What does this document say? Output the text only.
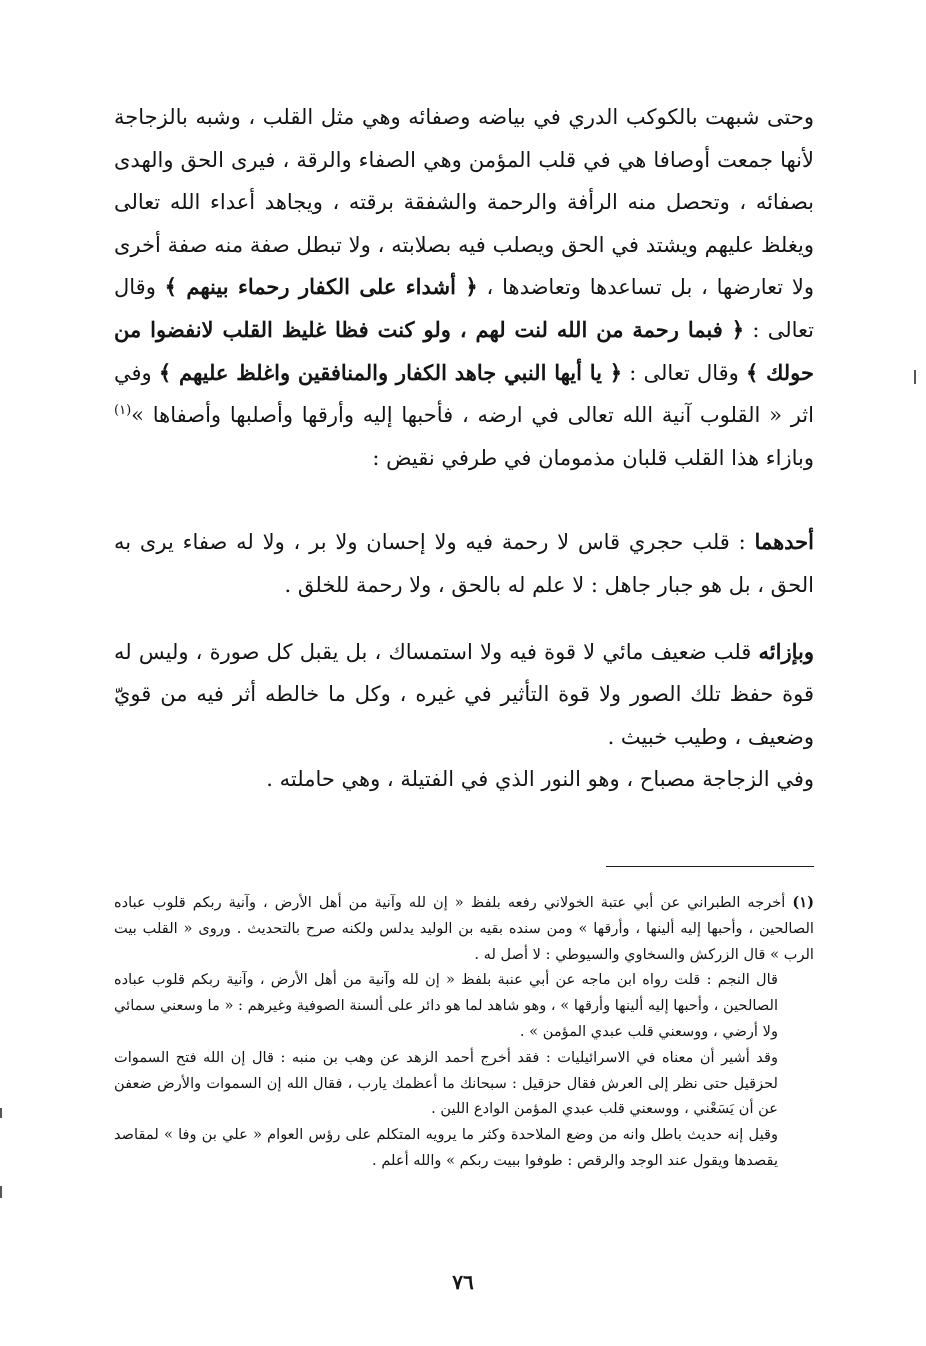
وحتى شبهت بالكوكب الدري في بياضه وصفائه وهي مثل القلب ، وشبه بالزجاجة لأنها جمعت أوصافا هي في قلب المؤمن وهي الصفاء والرقة ، فيرى الحق والهدى بصفائه ، وتحصل منه الرأفة والرحمة والشفقة برقته ، ويجاهد أعداء الله تعالى ويغلظ عليهم ويشتد في الحق ويصلب فيه بصلابته ، ولا تبطل صفة منه صفة أخرى ولا تعارضها ، بل تساعدها وتعاضدها ، ﴿ أشداء على الكفار رحماء بينهم ﴾ وقال تعالى : ﴿ فبما رحمة من الله لنت لهم ، ولو كنت فظا غليظ القلب لانفضوا من حولك ﴾ وقال تعالى : ﴿ يا أيها النبي جاهد الكفار والمنافقين واغلظ عليهم ﴾ وفي اثر « القلوب آنية الله تعالى في ارضه ، فأحبها إليه وأرقها وأصلبها وأصفاها »$^{(١)}$ وبازاء هذا القلب قلبان مذمومان في طرفي نقيض :

أحدهما : قلب حجري قاس لا رحمة فيه ولا إحسان ولا بر ، ولا له صفاء يرى به الحق ، بل هو جبار جاهل : لا علم له بالحق ، ولا رحمة للخلق .

وبإزائه قلب ضعيف مائي لا قوة فيه ولا استمساك ، بل يقبل كل صورة ، وليس له قوة حفظ تلك الصور ولا قوة التأثير في غيره ، وكل ما خالطه أثر فيه من قويّ وضعيف ، وطيب خبيث .

وفي الزجاجة مصباح ، وهو النور الذي في الفتيلة ، وهي حاملته .

(١) أخرجه الطبراني عن أبي عتبة الخولاني رفعه بلفظ « إن لله وآنية من أهل الأرض ، وآنية ربكم قلوب عباده الصالحين ، وأحبها إليه ألينها ، وأرقها » ومن سنده بقيه بن الوليد يدلس ولكنه صرح بالتحديث . وروى « القلب بيت الرب » قال الزركش والسخاوي والسيوطي : لا أصل له .

قال النجم : قلت رواه ابن ماجه عن أبي عنبة بلفظ « إن لله وآنية من أهل الأرض ، وآنية ربكم قلوب عباده الصالحين ، وأحبها إليه ألينها وأرقها » ، وهو شاهد لما هو دائر على ألسنة الصوفية وغيرهم : « ما وسعني سمائي ولا أرضي ، ووسعني قلب عبدي المؤمن » .

وقد أشير أن معناه في الاسرائيليات : فقد أخرج أحمد الزهد عن وهب بن منبه : قال إن الله فتح السموات لحزقيل حتى نظر إلى العرش فقال حزقيل : سبحانك ما أعظمك يارب ، فقال الله إن السموات والأرض ضعفن عن أن يَسَعْني ، ووسعني قلب عبدي المؤمن الوادع اللين .

وقيل إنه حديث باطل وانه من وضع الملاحدة وكثر ما يرويه المتكلم على رؤس العوام « علي بن وفا » لمقاصد يقصدها ويقول عند الوجد والرقص : طوفوا ببيت ربكم » والله أعلم .

٧٦
